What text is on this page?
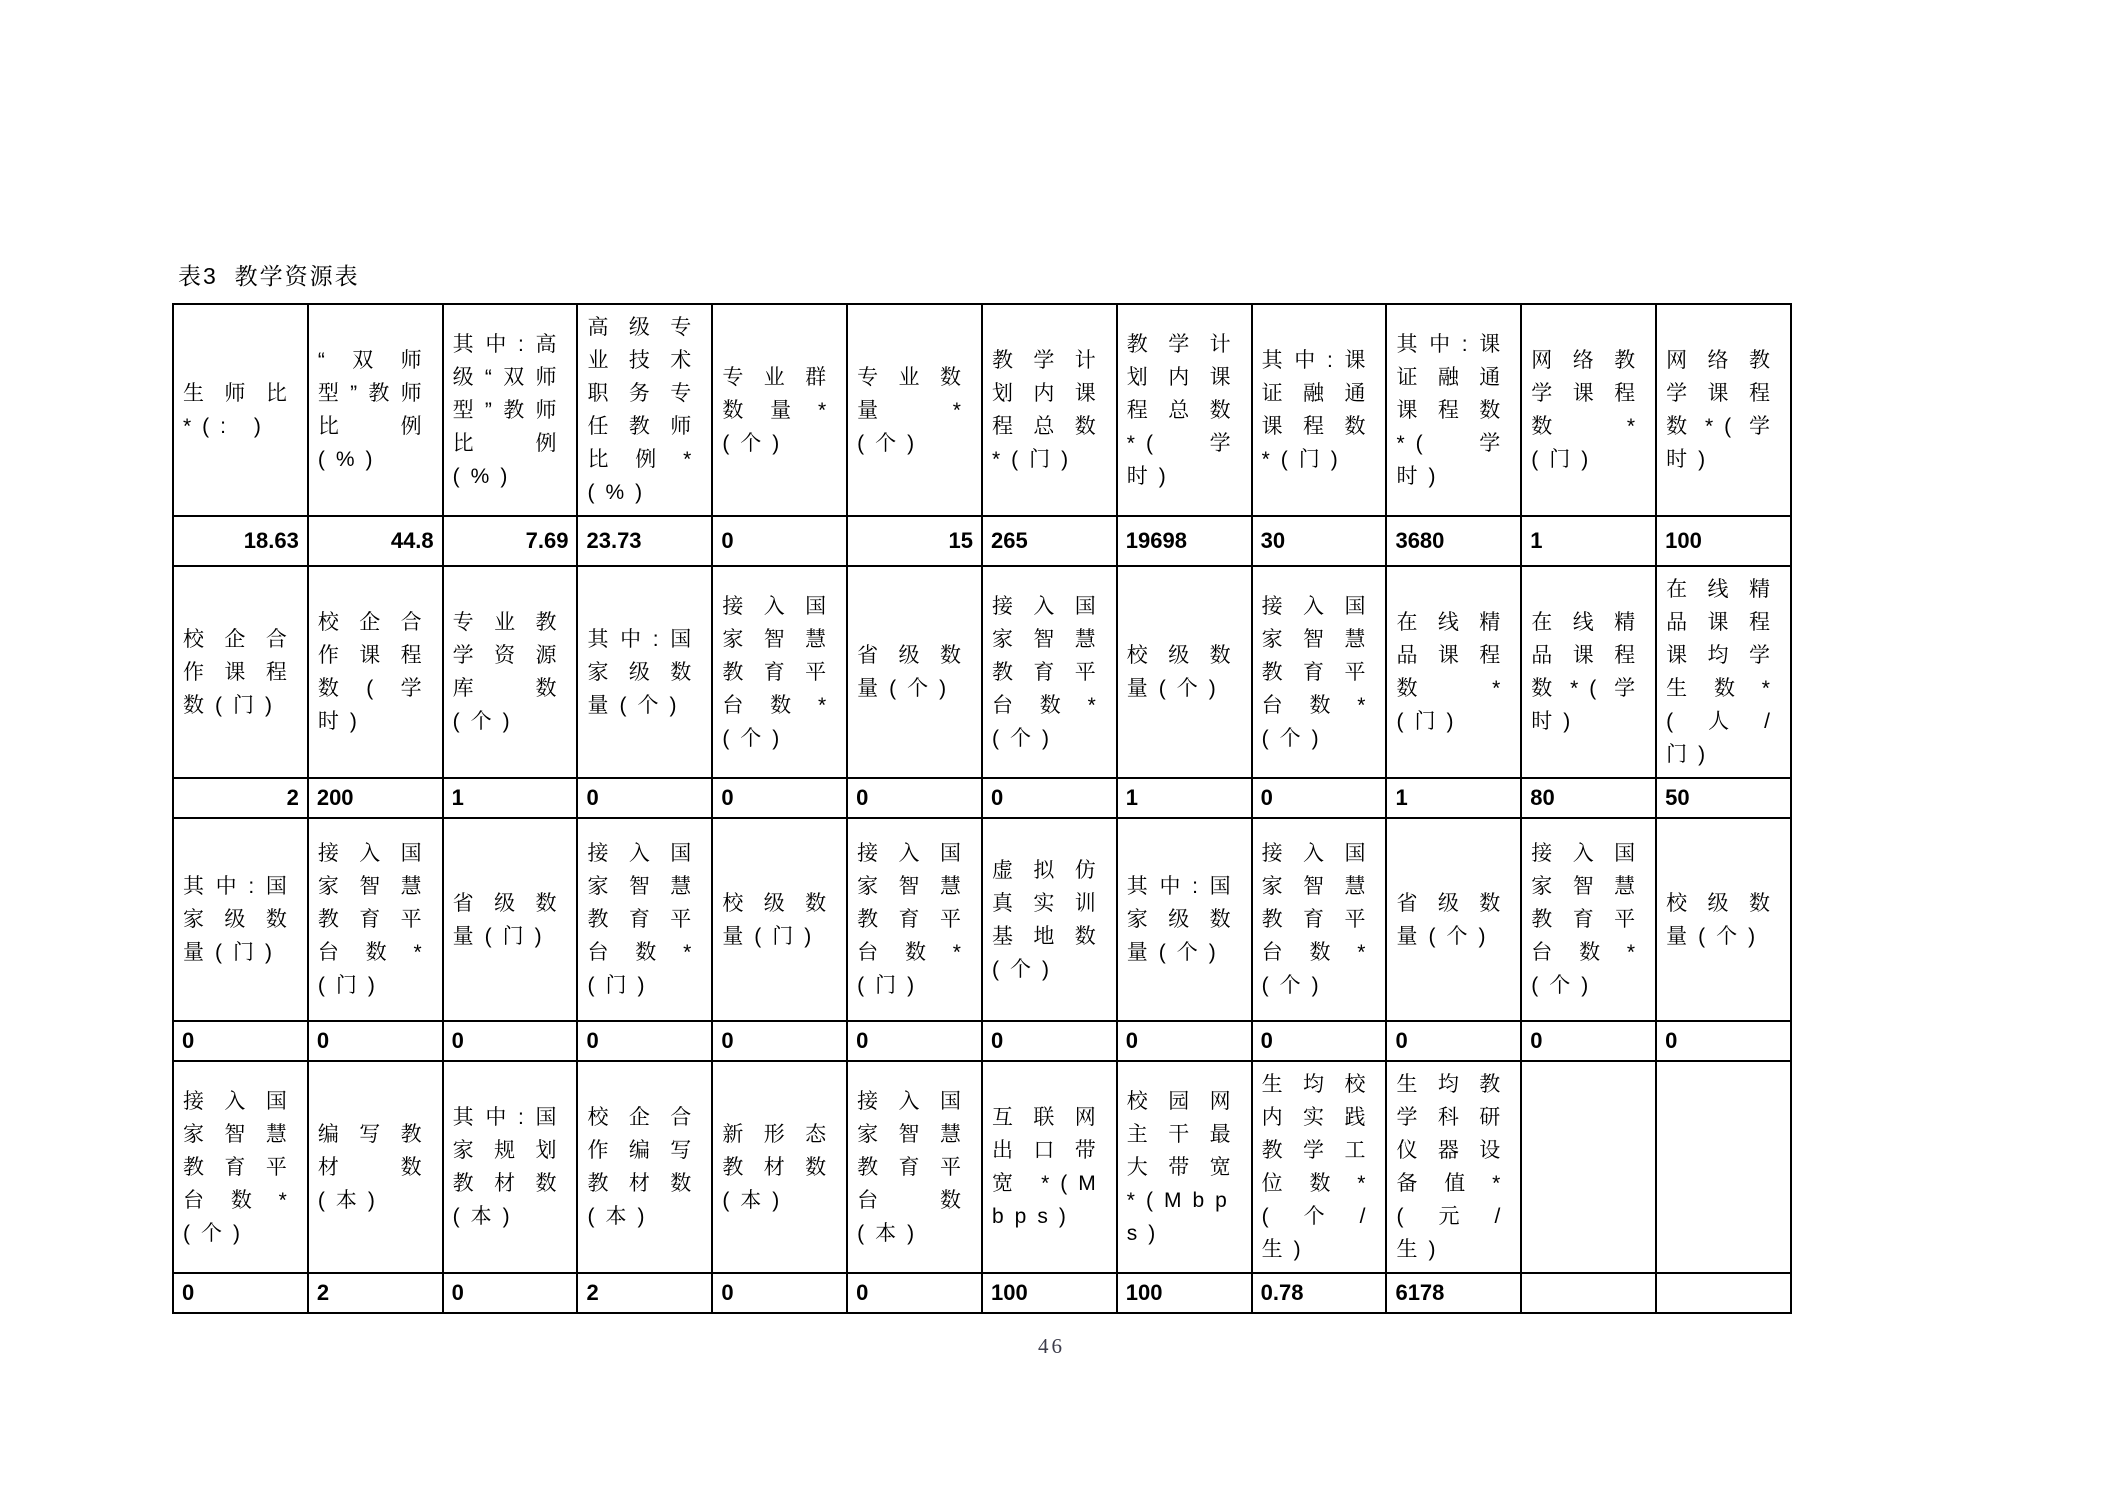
表3  教学资源表
生师比*(: )	“双师型”教师比例(%)	其中:高级“双师型”教师比例(%)	高级专业技术职务专任教师比例*(%)	专业群数量*(个)	专业数量*(个)	教学计划内课程总数*(门)	教学计划内课程总数*(学时)	其中:课证融通课程数*(门)	其中:课证融通课程数*(学时)	网络教学课程数*(门)	网络教学课程数*(学时)
18.63	44.8	7.69	23.73	0	15	265	19698	30	3680	1	100
校企合作课程数(门)	校企合作课程数(学时)	专业教学资源库数(个)	其中:国家级数量(个)	接入国家智慧教育平台数*(个)	省级数量(个)	接入国家智慧教育平台数*(个)	校级数量(个)	接入国家智慧教育平台数*(个)	在线精品课程数*(门)	在线精品课程数*(学时)	在线精品课程课均学生数*(人/门)
2	200	1	0	0	0	0	1	0	1	80	50
其中:国家级数量(门)	接入国家智慧教育平台数*(门)	省级数量(门)	接入国家智慧教育平台数*(门)	校级数量(门)	接入国家智慧教育平台数*(门)	虚拟仿真实训基地数(个)	其中:国家级数量(个)	接入国家智慧教育平台数*(个)	省级数量(个)	接入国家智慧教育平台数*(个)	校级数量(个)
0	0	0	0	0	0	0	0	0	0	0	0
接入国家智慧教育平台数*(个)	编写教材数(本)	其中:国家规划教材数(本)	校企合作编写教材数(本)	新形态教材数(本)	接入国家智慧教育平台数(本)	互联网出口带宽*(Mbps)	校园网主干最大带宽*(Mbps)	生均校内实践教学工位数*(个/生)	生均教学科研仪器设备值*(元/生)		
0	2	0	2	0	0	100	100	0.78	6178		
46
